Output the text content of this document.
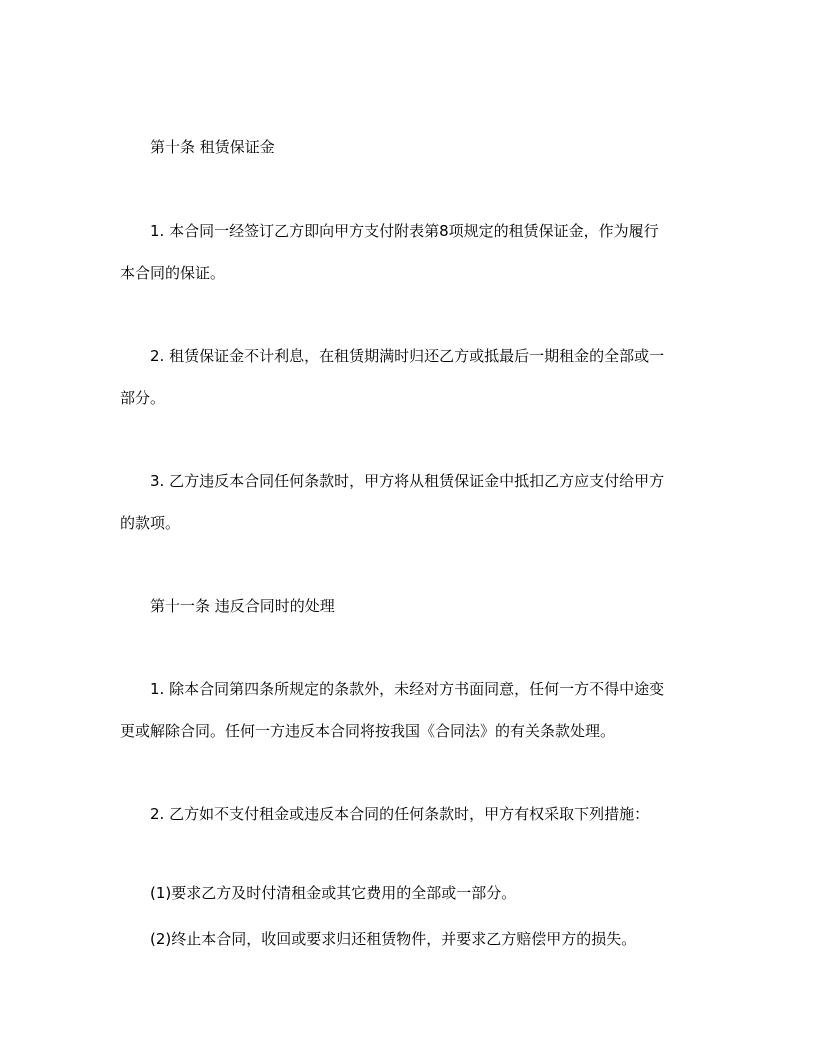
第十条 租赁保证金
1. 本合同一经签订乙方即向甲方支付附表第8项规定的租赁保证金，作为履行
本合同的保证。
2. 租赁保证金不计利息，在租赁期满时归还乙方或抵最后一期租金的全部或一
部分。
3. 乙方违反本合同任何条款时，甲方将从租赁保证金中抵扣乙方应支付给甲方
的款项。
第十一条 违反合同时的处理
1. 除本合同第四条所规定的条款外，未经对方书面同意，任何一方不得中途变
更或解除合同。任何一方违反本合同将按我国《合同法》的有关条款处理。
2. 乙方如不支付租金或违反本合同的任何条款时，甲方有权采取下列措施：
(1)要求乙方及时付清租金或其它费用的全部或一部分。
(2)终止本合同，收回或要求归还租赁物件，并要求乙方赔偿甲方的损失。
